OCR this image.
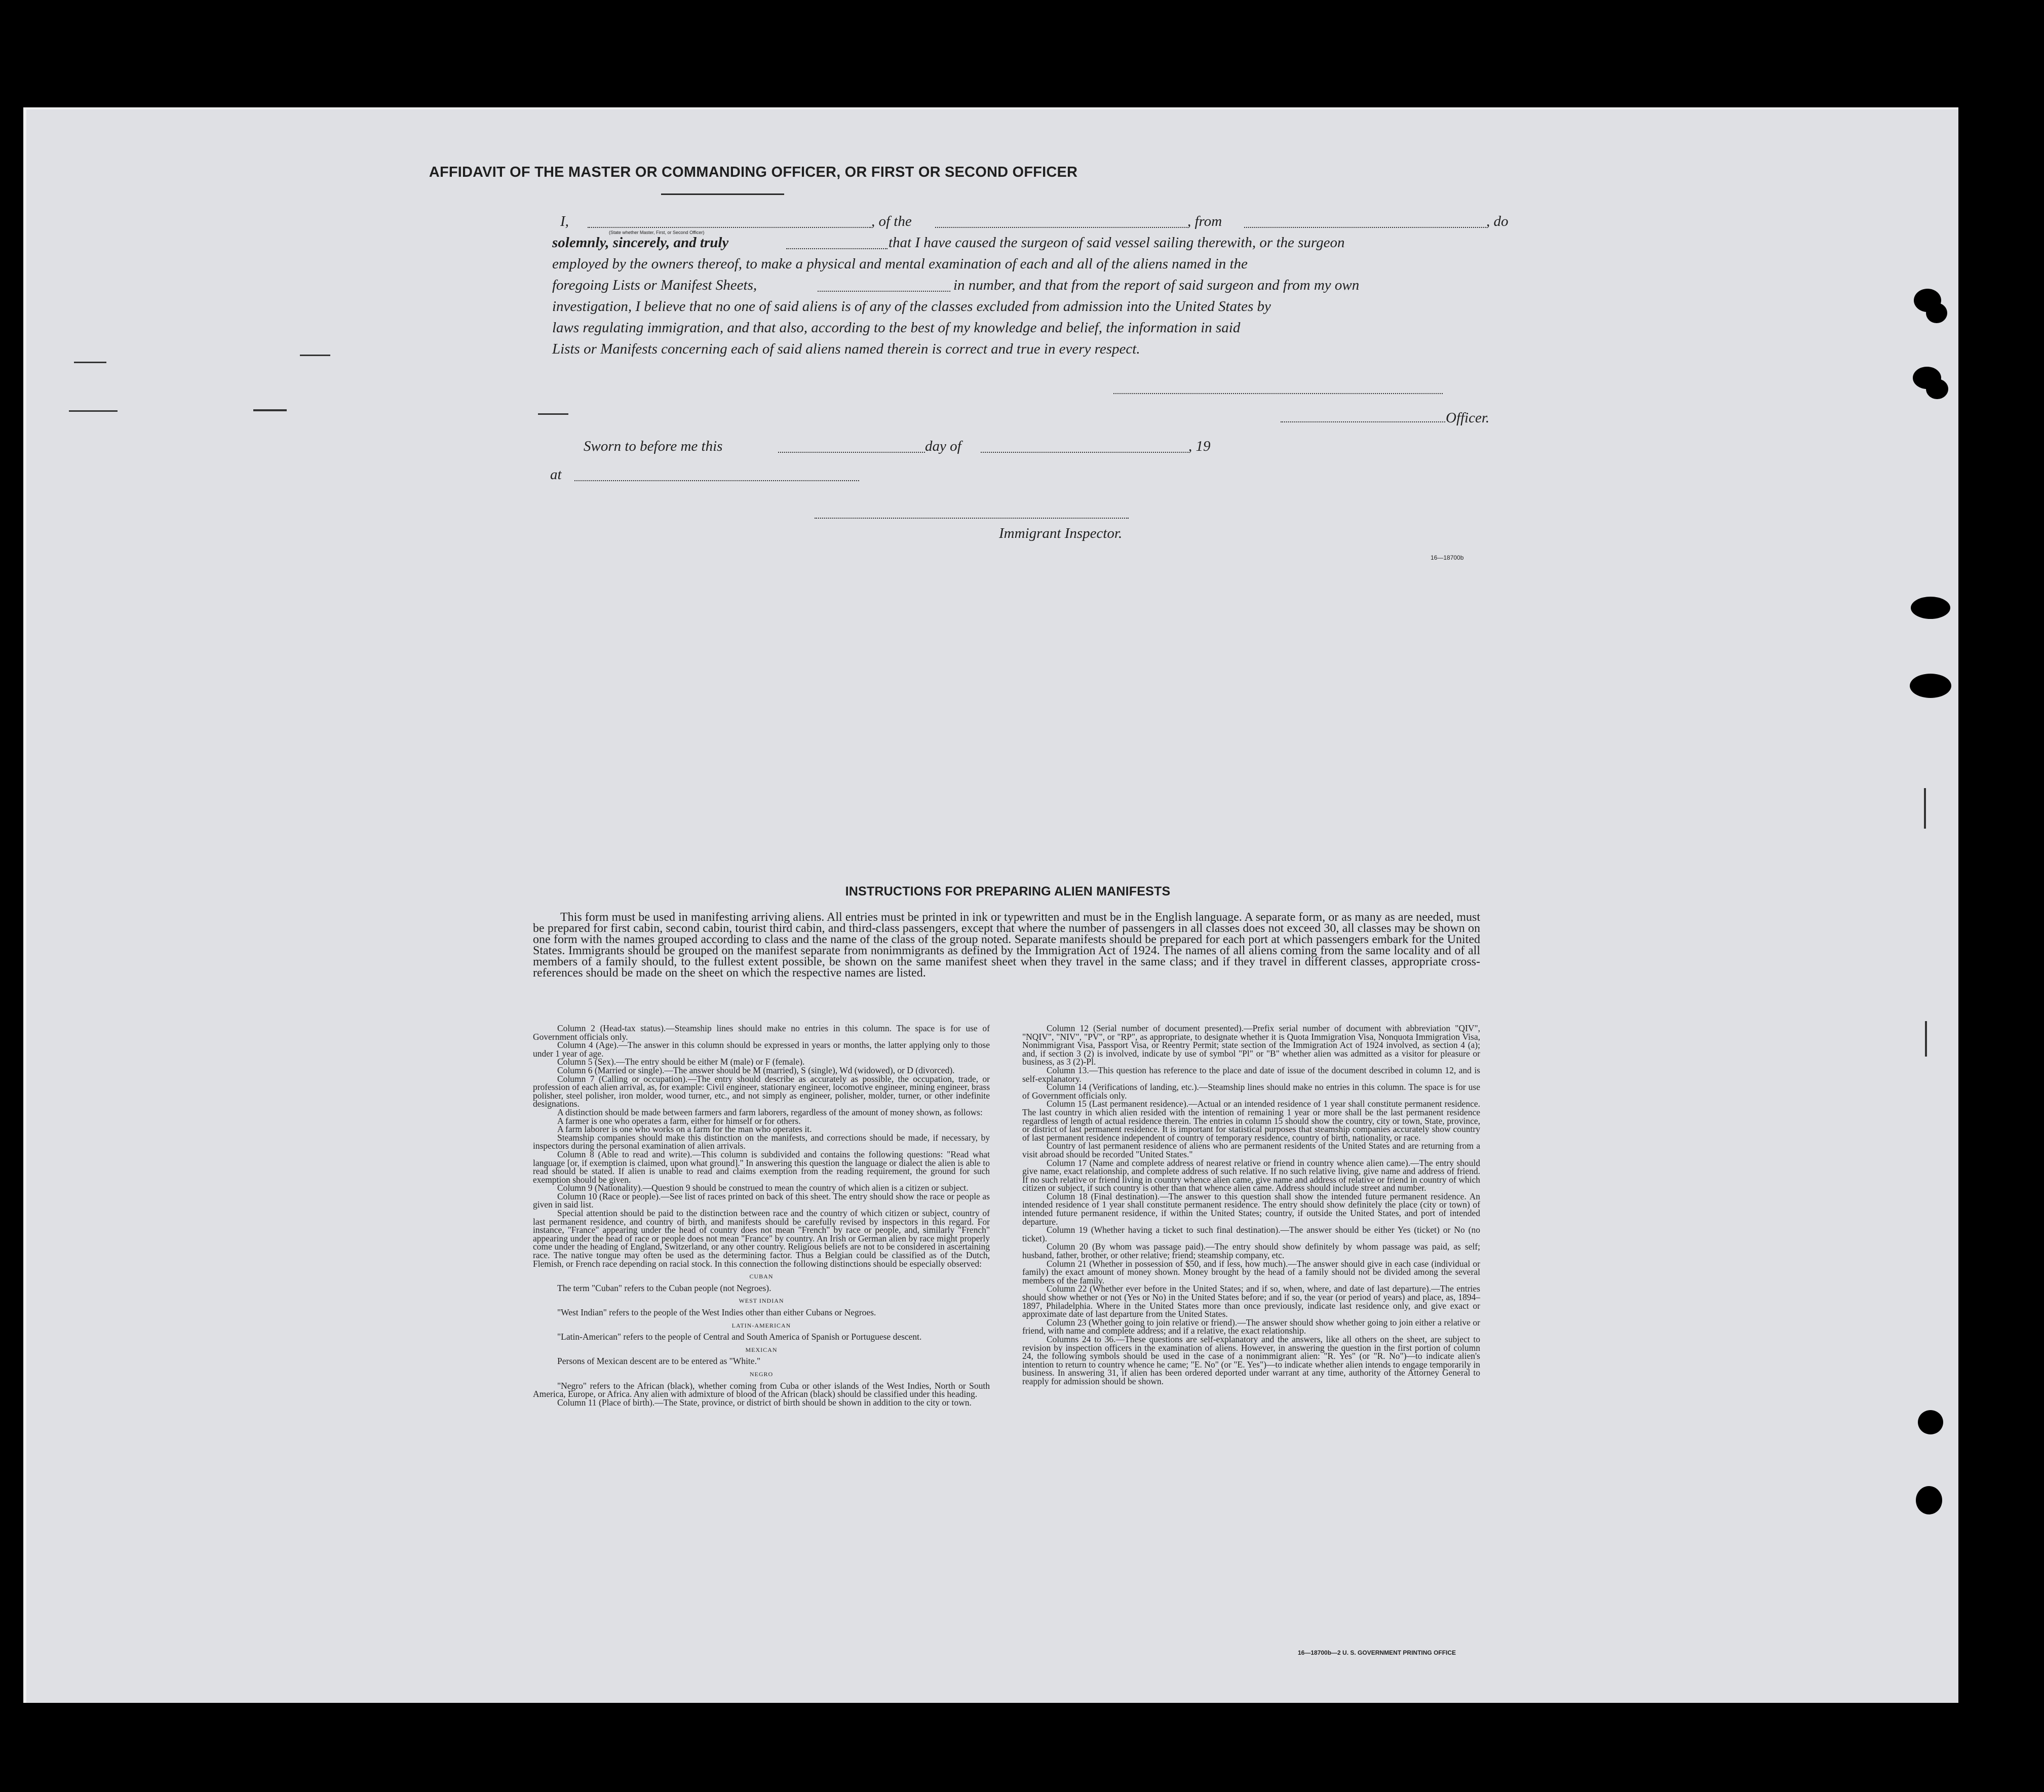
AFFIDAVIT OF THE MASTER OR COMMANDING OFFICER, OR FIRST OR SECOND OFFICER
I,	, of the	, from	, do
(State whether Master, First, or Second Officer)
solemnly, sincerely, and truly	that I have caused the surgeon of said vessel sailing therewith, or the surgeon
employed by the owners thereof, to make a physical and mental examination of each and all of the aliens named in the
foregoing Lists or Manifest Sheets,	in number, and that from the report of said surgeon and from my own
investigation, I believe that no one of said aliens is of any of the classes excluded from admission into the United States by
laws regulating immigration, and that also, according to the best of my knowledge and belief, the information in said
Lists or Manifests concerning each of said aliens named therein is correct and true in every respect.
Officer.
Sworn to before me this	day of	, 19
at
Immigrant Inspector.
16—18700b
INSTRUCTIONS FOR PREPARING ALIEN MANIFESTS
This form must be used in manifesting arriving aliens. All entries must be printed in ink or typewritten and must be in the English language. A separate form, or as many as are needed, must be prepared for first cabin, second cabin, tourist third cabin, and third-class passengers, except that where the number of passengers in all classes does not exceed 30, all classes may be shown on one form with the names grouped according to class and the name of the class of the group noted. Separate manifests should be prepared for each port at which passengers embark for the United States. Immigrants should be grouped on the manifest separate from nonimmigrants as defined by the Immigration Act of 1924. The names of all aliens coming from the same locality and of all members of a family should, to the fullest extent possible, be shown on the same manifest sheet when they travel in the same class; and if they travel in different classes, appropriate cross-references should be made on the sheet on which the respective names are listed.

Column 2 (Head-tax status).—Steamship lines should make no entries in this column. The space is for use of Government officials only.

Column 4 (Age).—The answer in this column should be expressed in years or months, the latter applying only to those under 1 year of age.

Column 5 (Sex).—The entry should be either M (male) or F (female).

Column 6 (Married or single).—The answer should be M (married), S (single), Wd (widowed), or D (divorced).

Column 7 (Calling or occupation).—The entry should describe as accurately as possible, the occupation, trade, or profession of each alien arrival, as, for example: Civil engineer, stationary engineer, locomotive engineer, mining engineer, brass polisher, steel polisher, iron molder, wood turner, etc., and not simply as engineer, polisher, molder, turner, or other indefinite designations.

A distinction should be made between farmers and farm laborers, regardless of the amount of money shown, as follows:

A farmer is one who operates a farm, either for himself or for others.

A farm laborer is one who works on a farm for the man who operates it.

Steamship companies should make this distinction on the manifests, and corrections should be made, if necessary, by inspectors during the personal examination of alien arrivals.

Column 8 (Able to read and write).—This column is subdivided and contains the following questions: "Read what language [or, if exemption is claimed, upon what ground]." In answering this question the language or dialect the alien is able to read should be stated. If alien is unable to read and claims exemption from the reading requirement, the ground for such exemption should be given.

Column 9 (Nationality).—Question 9 should be construed to mean the country of which alien is a citizen or subject.

Column 10 (Race or people).—See list of races printed on back of this sheet. The entry should show the race or people as given in said list.

Special attention should be paid to the distinction between race and the country of which citizen or subject, country of last permanent residence, and country of birth, and manifests should be carefully revised by inspectors in this regard. For instance, "France" appearing under the head of country does not mean "French" by race or people, and, similarly "French" appearing under the head of race or people does not mean "France" by country. An Irish or German alien by race might properly come under the heading of England, Switzerland, or any other country. Religious beliefs are not to be considered in ascertaining race. The native tongue may often be used as the determining factor. Thus a Belgian could be classified as of the Dutch, Flemish, or French race depending on racial stock. In this connection the following distinctions should be especially observed:

CUBAN

The term "Cuban" refers to the Cuban people (not Negroes).

WEST INDIAN

"West Indian" refers to the people of the West Indies other than either Cubans or Negroes.

LATIN-AMERICAN

"Latin-American" refers to the people of Central and South America of Spanish or Portuguese descent.

MEXICAN

Persons of Mexican descent are to be entered as "White."

NEGRO

"Negro" refers to the African (black), whether coming from Cuba or other islands of the West Indies, North or South America, Europe, or Africa. Any alien with admixture of blood of the African (black) should be classified under this heading.

Column 11 (Place of birth).—The State, province, or district of birth should be shown in addition to the city or town.

Column 12 (Serial number of document presented).—Prefix serial number of document with abbreviation "QIV", "NQIV", "NIV", "PV", or "RP", as appropriate, to designate whether it is Quota Immigration Visa, Nonquota Immigration Visa, Nonimmigrant Visa, Passport Visa, or Reentry Permit; state section of the Immigration Act of 1924 involved, as section 4 (a); and, if section 3 (2) is involved, indicate by use of symbol "Pl" or "B" whether alien was admitted as a visitor for pleasure or business, as 3 (2)-Pl.

Column 13.—This question has reference to the place and date of issue of the document described in column 12, and is self-explanatory.

Column 14 (Verifications of landing, etc.).—Steamship lines should make no entries in this column. The space is for use of Government officials only.

Column 15 (Last permanent residence).—Actual or an intended residence of 1 year shall constitute permanent residence. The last country in which alien resided with the intention of remaining 1 year or more shall be the last permanent residence regardless of length of actual residence therein. The entries in column 15 should show the country, city or town, State, province, or district of last permanent residence. It is important for statistical purposes that steamship companies accurately show country of last permanent residence independent of country of temporary residence, country of birth, nationality, or race.

Country of last permanent residence of aliens who are permanent residents of the United States and are returning from a visit abroad should be recorded "United States."

Column 17 (Name and complete address of nearest relative or friend in country whence alien came).—The entry should give name, exact relationship, and complete address of such relative. If no such relative living, give name and address of friend. If no such relative or friend living in country whence alien came, give name and address of relative or friend in country of which citizen or subject, if such country is other than that whence alien came. Address should include street and number.

Column 18 (Final destination).—The answer to this question shall show the intended future permanent residence. An intended residence of 1 year shall constitute permanent residence. The entry should show definitely the place (city or town) of intended future permanent residence, if within the United States; country, if outside the United States, and port of intended departure.

Column 19 (Whether having a ticket to such final destination).—The answer should be either Yes (ticket) or No (no ticket).

Column 20 (By whom was passage paid).—The entry should show definitely by whom passage was paid, as self; husband, father, brother, or other relative; friend; steamship company, etc.

Column 21 (Whether in possession of $50, and if less, how much).—The answer should give in each case (individual or family) the exact amount of money shown. Money brought by the head of a family should not be divided among the several members of the family.

Column 22 (Whether ever before in the United States; and if so, when, where, and date of last departure).—The entries should show whether or not (Yes or No) in the United States before; and if so, the year (or period of years) and place, as, 1894–1897, Philadelphia. Where in the United States more than once previously, indicate last residence only, and give exact or approximate date of last departure from the United States.

Column 23 (Whether going to join relative or friend).—The answer should show whether going to join either a relative or friend, with name and complete address; and if a relative, the exact relationship.

Columns 24 to 36.—These questions are self-explanatory and the answers, like all others on the sheet, are subject to revision by inspection officers in the examination of aliens. However, in answering the question in the first portion of column 24, the following symbols should be used in the case of a nonimmigrant alien: "R. Yes" (or "R. No")—to indicate alien's intention to return to country whence he came; "E. No" (or "E. Yes")—to indicate whether alien intends to engage temporarily in business. In answering 31, if alien has been ordered deported under warrant at any time, authority of the Attorney General to reapply for admission should be shown.

16—18700b—2 U. S. GOVERNMENT PRINTING OFFICE
